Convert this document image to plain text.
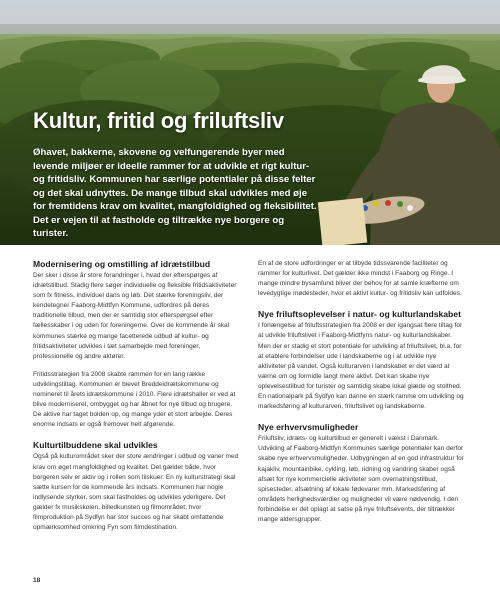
Kultur, fritid og friluftsliv

Øhavet, bakkerne, skovene og velfungerende byer med levende miljøer er ideelle rammer for at udvikle et rigt kultur- og fritidsliv. Kommunen har særlige potentialer på disse felter og det skal udnyttes. De mange tilbud skal udvikles med øje for fremtidens krav om kvalitet, mangfoldighed og fleksibilitet. Det er vejen til at fastholde og tiltrække nye borgere og turister.

Modernisering og omstilling af idrætstilbud

Der sker i disse år store forandringer i, hvad der efterspørges af idrætstilbud. Stadig flere søger individuelle og fleksible fritidsaktiviteter som fx fitness, individuel dans og løb. Det stærke foreningsliv, der kendetegner Faaborg-Midtfyn Kommune, udfordres på deres traditionelle tilbud, men der er samtidig stor efterspørgsel efter fællesskaber i og uden for foreningerne. Over de kommende år skal kommunes stærke og mange facetterede udbud af kultur- og fritidsaktiviteter udvikles i tæt samarbejde med foreninger, professionelle og andre aktører.

Fritidsstrategien fra 2008 skabte rammen for en lang række udviklingstiltag. Kommunen er blevet Breddeidrætskommune og nomineret til årets idrætskommune i 2010. Flere idrætshaller er ved at blive moderniseret, ombygget og har åbnet for nye tilbud og brugere. De aktive har taget bolden op, og mange yder et stort arbejde. Deres enorme indsats er også fremover helt afgørende.

Kulturtilbuddene skal udvikles

Også på kulturområdet sker der store ændringer i udbud og vaner med krav om øget mangfoldighed og kvalitet. Det gælder både, hvor borgeren selv er aktiv og i rollen som tilskuer. En ny kulturstrategi skal sætte kursen for de kommende års indsats. Kommunen har nogle indlysende styrker, som skal fastholdes og udvikles yderligere. Det gælder fx musikskolen, billedkunsten og filmområdet, hvor filmproduktion på Sydfyn har stor succes og har skabt omfattende opmærksomhed omkring Fyn som filmdestination.

En af de store udfordringer er at tilbyde tidssvarende faciliteter og rammer for kulturlivet. Det gælder ikke mindst i Faaborg og Ringe. I mange mindre bysamfund bliver der behov for at samle kræfterne om levedygtige mødesteder, hvor et aktivt kultur- og fritidsliv kan udfoldes.

Nye friluftsoplevelser i natur- og kulturlandskabet

I forlængelse af friluftsstrategien fra 2008 er der igangsat flere tiltag for at udvikle friluftslivet i Faaborg-Midtfyns natur- og kulturlandskaber. Men der er stadig et stort potentiale for udvikling af friluftslivet, bl.a. for at etablere forbindelser ude i landskaberne og i at udvikle nye aktiviteter på vandet. Også kulturarven i landskabet er det værd at værne om og formidle langt mere aktivt. Det kan skabe nye oplevelsestilbud for turister og samtidig skabe lokal glæde og stolthed. En nationalpark på Sydfyn kan danne en stærk ramme om udvikling og markedsføring af kulturarven, friluftslivet og landskaberne.

Nye erhvervsmuligheder

Friluftsliv, idræts- og kulturtilbud er generelt i vækst i Danmark. Udvikling af Faaborg-Midtfyn Kommunes særlige potentialer kan derfor skabe nye erhvervsmuligheder. Udbygningen af en god infrastruktur for kajakliv, mountainbike, cykling, løb, ridning og vandring skaber også afsæt for nye kommercielle aktiviteter som overnatningstilbud, spisesteder, afsætning af lokale fødevarer mm. Markedsføring af områdets herlighedsværdier og muligheder vil være nødvendig. I den forbindelse er det oplagt at satse på nye friluftsevents, der tiltrækker mange aldersgrupper.

18
